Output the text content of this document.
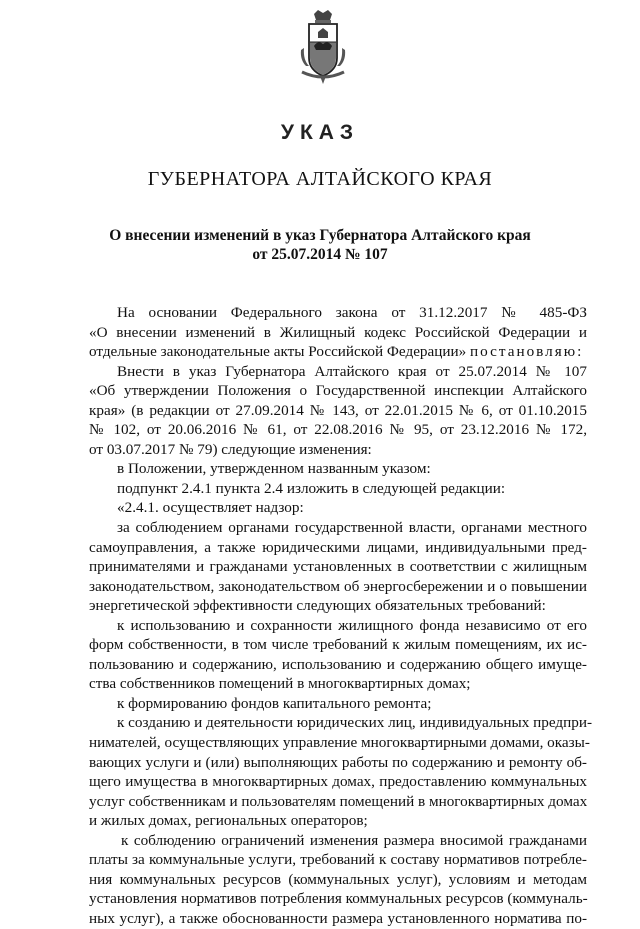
УКАЗ
ГУБЕРНАТОРА АЛТАЙСКОГО КРАЯ
О внесении изменений в указ Губернатора Алтайского края
от 25.07.2014 № 107
На основании Федерального закона от 31.12.2017 № 485-ФЗ
«О внесении изменений в Жилищный кодекс Российской Федерации и
отдельные законодательные акты Российской Федерации» постановляю:
Внести в указ Губернатора Алтайского края от 25.07.2014 № 107
«Об утверждении Положения о Государственной инспекции Алтайского
края» (в редакции от 27.09.2014 № 143, от 22.01.2015 № 6, от 01.10.2015
№ 102, от 20.06.2016 № 61, от 22.08.2016 № 95, от 23.12.2016 № 172,
от 03.07.2017 № 79) следующие изменения:
в Положении, утвержденном названным указом:
подпункт 2.4.1 пункта 2.4 изложить в следующей редакции:
«2.4.1. осуществляет надзор:
за соблюдением органами государственной власти, органами местного
самоуправления, а также юридическими лицами, индивидуальными пред-
принимателями и гражданами установленных в соответствии с жилищным
законодательством, законодательством об энергосбережении и о повышении
энергетической эффективности следующих обязательных требований:
к использованию и сохранности жилищного фонда независимо от его
форм собственности, в том числе требований к жилым помещениям, их ис-
пользованию и содержанию, использованию и содержанию общего имуще-
ства собственников помещений в многоквартирных домах;
к формированию фондов капитального ремонта;
к созданию и деятельности юридических лиц, индивидуальных предпри-
нимателей, осуществляющих управление многоквартирными домами, оказы-
вающих услуги и (или) выполняющих работы по содержанию и ремонту об-
щего имущества в многоквартирных домах, предоставлению коммунальных
услуг собственникам и пользователям помещений в многоквартирных домах
и жилых домах, региональных операторов;
к соблюдению ограничений изменения размера вносимой гражданами
платы за коммунальные услуги, требований к составу нормативов потребле-
ния коммунальных ресурсов (коммунальных услуг), условиям и методам
установления нормативов потребления коммунальных ресурсов (коммуналь-
ных услуг), а также обоснованности размера установленного норматива по-
